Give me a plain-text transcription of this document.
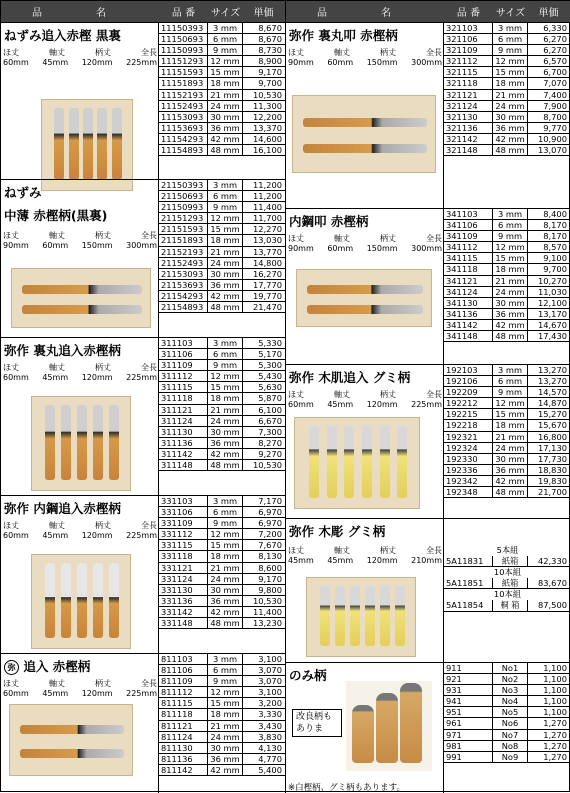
品　名	品 番	サイズ	単価
ねずみ追入赤樫 黒裏
ほ丈	軸丈	柄丈	全長
60mm 45mm 120mm 225mm
11150393	3 mm	8,670
11150693	6 mm	8,670
11150993	9 mm	8,730
11151293 12 mm	8,900
11151593 15 mm	9,170
11151893 18 mm	9,700
11152193 21 mm	10,530
11152493 24 mm	11,300
11153093 30 mm	12,200
11153693 36 mm	13,370
11154293 42 mm	14,600
11154893 48 mm	16,100
ねずみ
中薄 赤樫柄(黒裏)
ほ丈	軸丈	柄丈	全長
90mm 60mm 150mm 300mm
21150393	3 mm	11,200
21150693	6 mm	11,200
21150993	9 mm	11,400
21151293 12 mm	11,700
21151593 15 mm	12,270
21151893 18 mm	13,030
21152193 21 mm	13,770
21152493 24 mm	14,800
21153093 30 mm	16,270
21153693 36 mm	17,770
21154293 42 mm	19,770
21154893 48 mm	21,470
弥作 裏丸追入赤樫柄
ほ丈	軸丈	柄丈	全長
60mm 45mm 120mm 225mm
311103	3 mm	5,330
311106	6 mm	5,170
311109	9 mm	5,300
311112	12 mm	5,430
311115	15 mm	5,630
311118	18 mm	5,870
311121	21 mm	6,100
311124	24 mm	6,670
311130	30 mm	7,300
311136	36 mm	8,270
311142	42 mm	9,270
311148	48 mm	10,530
弥作 内鋼追入赤樫柄
ほ丈	軸丈	柄丈	全長
60mm 45mm 120mm 225mm
331103	3 mm	7,170
331106	6 mm	6,970
331109	9 mm	6,970
331112	12 mm	7,200
331115	15 mm	7,670
331118	18 mm	8,130
331121	21 mm	8,600
331124	24 mm	9,170
331130	30 mm	9,800
331136	36 mm	10,530
331142	42 mm	11,400
331148	48 mm	13,230
弥 追入 赤樫柄
ほ丈	軸丈	柄丈	全長
60mm 45mm 120mm 225mm
811103	3 mm	3,100
811106	6 mm	3,070
811109	9 mm	3,070
811112	12 mm	3,100
811115	15 mm	3,200
811118	18 mm	3,330
811121	21 mm	3,430
811124	24 mm	3,830
811130	30 mm	4,130
811136	36 mm	4,770
811142	42 mm	5,400
品　名	品 番	サイズ	単価
弥作 裏丸叩 赤樫柄
ほ丈	軸丈	柄丈	全長
90mm 60mm 150mm 300mm
321103	3 mm	6,330
321106	6 mm	6,270
321109	9 mm	6,270
321112	12 mm	6,570
321115	15 mm	6,700
321118	18 mm	7,070
321121	21 mm	7,400
321124	24 mm	7,900
321130	30 mm	8,700
321136	36 mm	9,770
321142	42 mm	10,900
321148	48 mm	13,070
内鋼叩 赤樫柄
ほ丈	軸丈	柄丈	全長
90mm 60mm 150mm 300mm
341103	3 mm	8,400
341106	6 mm	8,170
341109	9 mm	8,170
341112	12 mm	8,570
341115	15 mm	9,100
341118	18 mm	9,700
341121	21 mm	10,270
341124	24 mm	11,030
341130	30 mm	12,100
341136	36 mm	13,170
341142	42 mm	14,670
341148	48 mm	17,430
弥作 木肌追入 グミ柄
ほ丈	軸丈	柄丈	全長
60mm 45mm 120mm 225mm
192103	3 mm	13,270
192106	6 mm	13,270
192209	9 mm	14,570
192212	12 mm	14,870
192215	15 mm	15,270
192218	18 mm	15,670
192321	21 mm	16,800
192324	24 mm	17,130
192330	30 mm	17,730
192336	36 mm	18,830
192342	42 mm	19,830
192348	48 mm	21,700
弥作 木彫 グミ柄
ほ丈	軸丈	柄丈	全長
45mm 45mm 120mm 210mm
5本組
5A11831	紙箱	42,330
10本組
5A11851	紙箱	83,670
10本組
5A11854	桐 箱	87,500
のみ柄
改良柄もありま
※白樫柄、グミ柄もあります。
911	No1	1,100
921	No2	1,100
931	No3	1,100
941	No4	1,100
951	No5	1,100
961	No6	1,270
971	No7	1,270
981	No8	1,270
991	No9	1,270
